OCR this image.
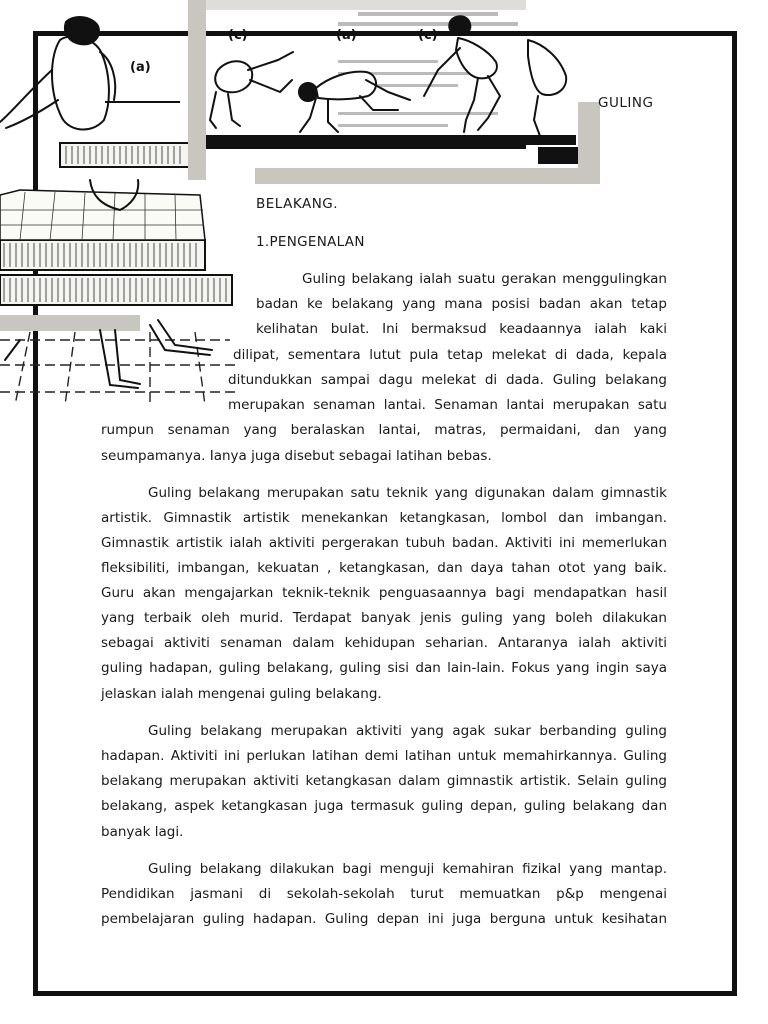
(a)
(c)	(a)	(c)
GULING
BELAKANG.
1.PENGENALAN
Guling belakang ialah suatu gerakan menggulingkan
badan ke belakang yang mana posisi badan akan tetap
kelihatan bulat. Ini bermaksud keadaannya ialah kaki
dilipat, sementara lutut pula tetap melekat di dada, kepala
ditundukkan sampai dagu melekat di dada. Guling belakang
merupakan senaman lantai. Senaman lantai merupakan satu
rumpun senaman yang beralaskan lantai, matras, permaidani, dan yang
seumpamanya. Ianya juga disebut sebagai latihan bebas.
Guling belakang merupakan satu teknik yang digunakan dalam gimnastik
artistik. Gimnastik artistik menekankan ketangkasan, lombol dan imbangan.
Gimnastik artistik ialah aktiviti pergerakan tubuh badan. Aktiviti ini memerlukan
fleksibiliti, imbangan, kekuatan , ketangkasan, dan daya tahan otot yang baik.
Guru akan mengajarkan teknik-teknik penguasaannya bagi mendapatkan hasil
yang terbaik oleh murid. Terdapat banyak jenis guling yang boleh dilakukan
sebagai aktiviti senaman dalam kehidupan seharian. Antaranya ialah aktiviti
guling hadapan, guling belakang, guling sisi dan lain-lain. Fokus yang ingin saya
jelaskan ialah mengenai guling belakang.
Guling belakang merupakan aktiviti yang agak sukar berbanding guling
hadapan. Aktiviti ini perlukan latihan demi latihan untuk memahirkannya. Guling
belakang merupakan aktiviti ketangkasan dalam gimnastik artistik. Selain guling
belakang, aspek ketangkasan juga termasuk guling depan, guling belakang dan
banyak lagi.
Guling belakang dilakukan bagi menguji kemahiran fizikal yang mantap.
Pendidikan jasmani di sekolah-sekolah turut memuatkan p&p mengenai
pembelajaran guling hadapan. Guling depan ini juga berguna untuk kesihatan
